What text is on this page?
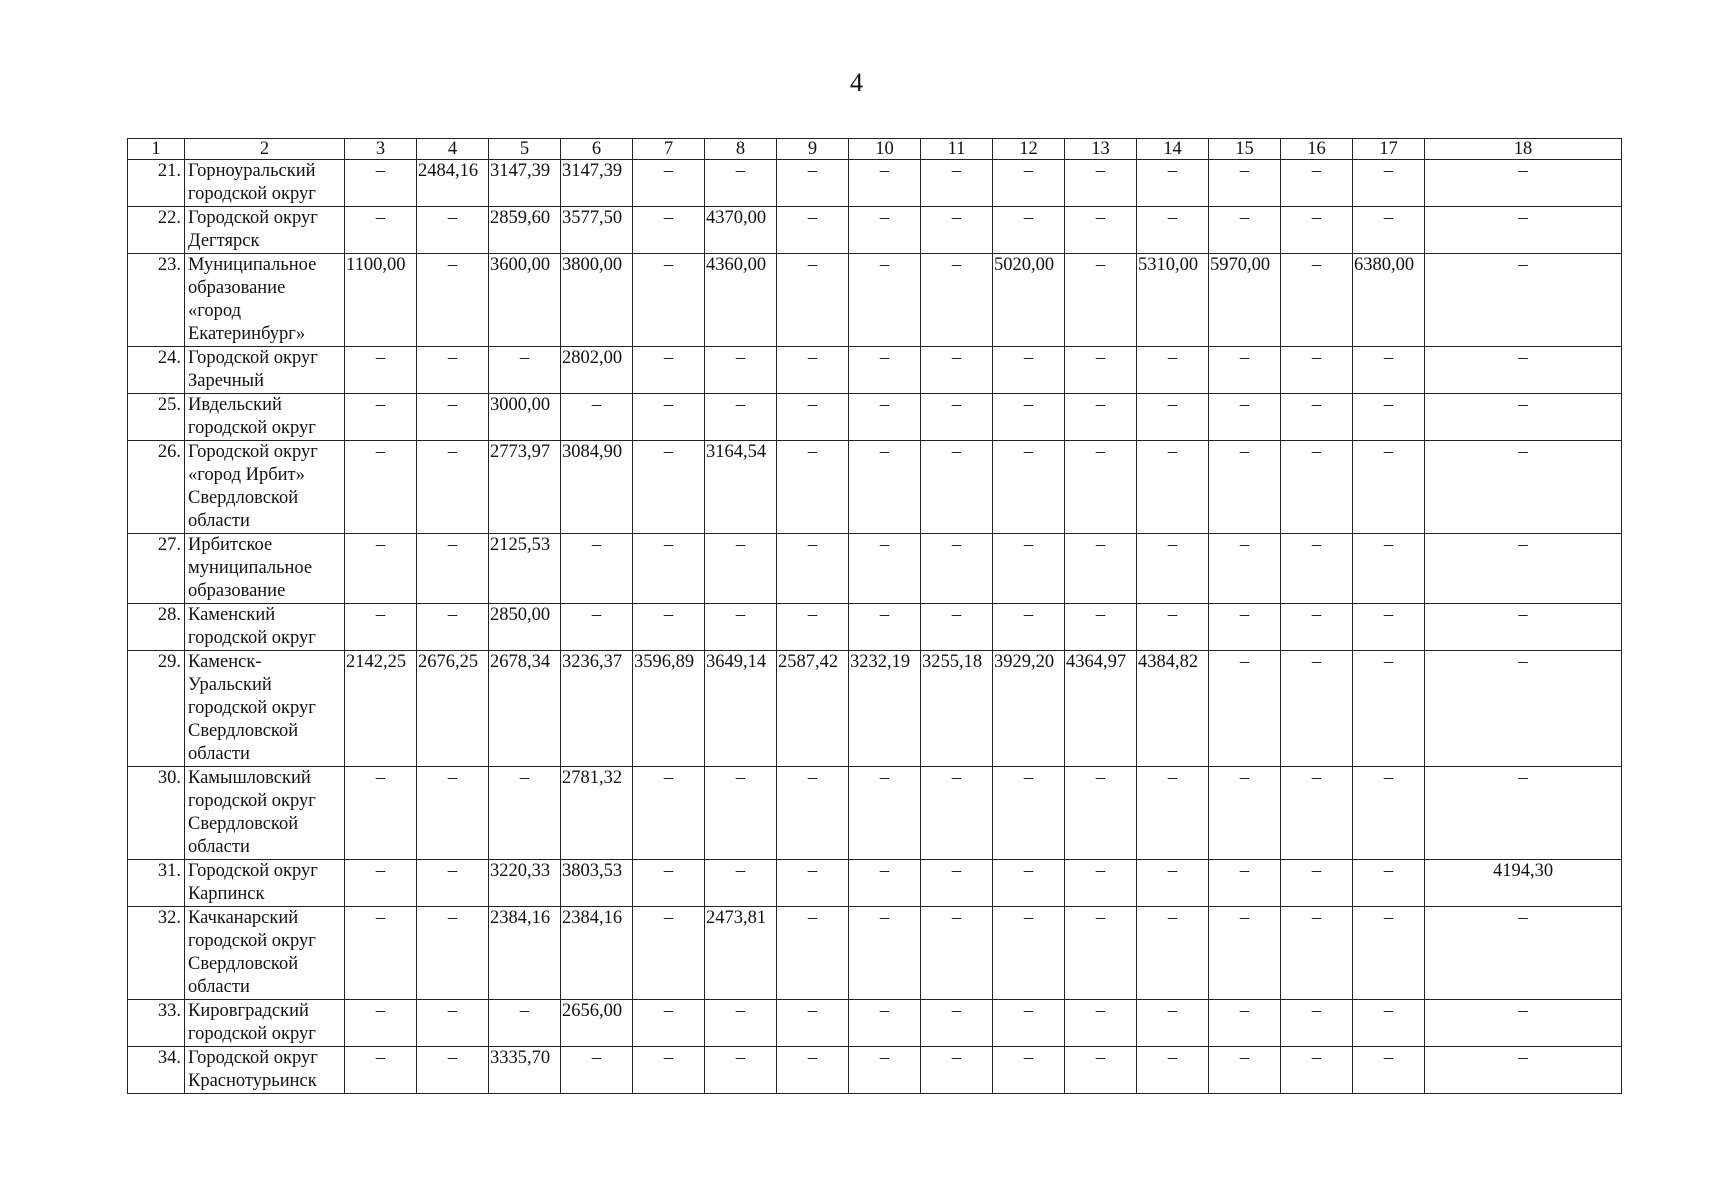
4
1	2	3	4	5	6	7	8	9	10	11	12	13	14	15	16	17	18
21.	Горноуральский городской округ	–	2484,16	3147,39	3147,39	–	–	–	–	–	–	–	–	–	–	–	–
22.	Городской округ Дегтярск	–	–	2859,60	3577,50	–	4370,00	–	–	–	–	–	–	–	–	–	–
23.	Муниципальное образование «город Екатеринбург»	1100,00	–	3600,00	3800,00	–	4360,00	–	–	–	5020,00	–	5310,00	5970,00	–	6380,00	–
24.	Городской округ Заречный	–	–	–	2802,00	–	–	–	–	–	–	–	–	–	–	–	–
25.	Ивдельский городской округ	–	–	3000,00	–	–	–	–	–	–	–	–	–	–	–	–	–
26.	Городской округ «город Ирбит» Свердловской области	–	–	2773,97	3084,90	–	3164,54	–	–	–	–	–	–	–	–	–	–
27.	Ирбитское муниципальное образование	–	–	2125,53	–	–	–	–	–	–	–	–	–	–	–	–	–
28.	Каменский городской округ	–	–	2850,00	–	–	–	–	–	–	–	–	–	–	–	–	–
29.	Каменск-Уральский городской округ Свердловской области	2142,25	2676,25	2678,34	3236,37	3596,89	3649,14	2587,42	3232,19	3255,18	3929,20	4364,97	4384,82	–	–	–	–
30.	Камышловский городской округ Свердловской области	–	–	–	2781,32	–	–	–	–	–	–	–	–	–	–	–	–
31.	Городской округ Карпинск	–	–	3220,33	3803,53	–	–	–	–	–	–	–	–	–	–	–	4194,30
32.	Качканарский городской округ Свердловской области	–	–	2384,16	2384,16	–	2473,81	–	–	–	–	–	–	–	–	–	–
33.	Кировградский городской округ	–	–	–	2656,00	–	–	–	–	–	–	–	–	–	–	–	–
34.	Городской округ Краснотурьинск	–	–	3335,70	–	–	–	–	–	–	–	–	–	–	–	–	–
